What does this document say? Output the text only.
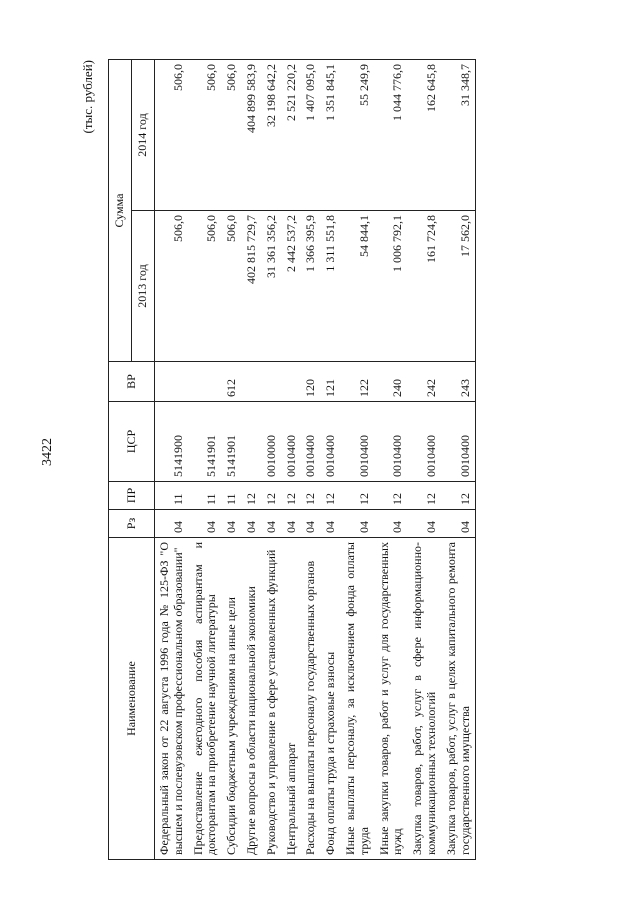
3422
(тыс. рублей)
Наименование	Рз	ПР	ЦСР	ВР	Сумма	
					2013 год	2014 год
Федеральный закон от 22 августа 1996 года № 125-ФЗ "О высшем и послевузовском профессиональном образовании"	04	11	5141900		506,0	506,0
Предоставление ежегодного пособия аспирантам и докторантам на приобретение научной литературы	04	11	5141901		506,0	506,0
Субсидии бюджетным учреждениям на иные цели	04	11	5141901	612	506,0	506,0
Другие вопросы в области национальной экономики	04	12			402 815 729,7	404 899 583,9
Руководство и управление в сфере установленных функций	04	12	0010000		31 361 356,2	32 198 642,2
Центральный аппарат	04	12	0010400		2 442 537,2	2 521 220,2
Расходы на выплаты персоналу государственных органов	04	12	0010400	120	1 366 395,9	1 407 095,0
Фонд оплаты труда и страховые взносы	04	12	0010400	121	1 311 551,8	1 351 845,1
Иные выплаты персоналу, за исключением фонда оплаты труда	04	12	0010400	122	54 844,1	55 249,9
Иные закупки товаров, работ и услуг для государственных нужд	04	12	0010400	240	1 006 792,1	1 044 776,0
Закупка товаров, работ, услуг в сфере информационно-коммуникационных технологий	04	12	0010400	242	161 724,8	162 645,8
Закупка товаров, работ, услуг в целях капитального ремонта государственного имущества	04	12	0010400	243	17 562,0	31 348,7
